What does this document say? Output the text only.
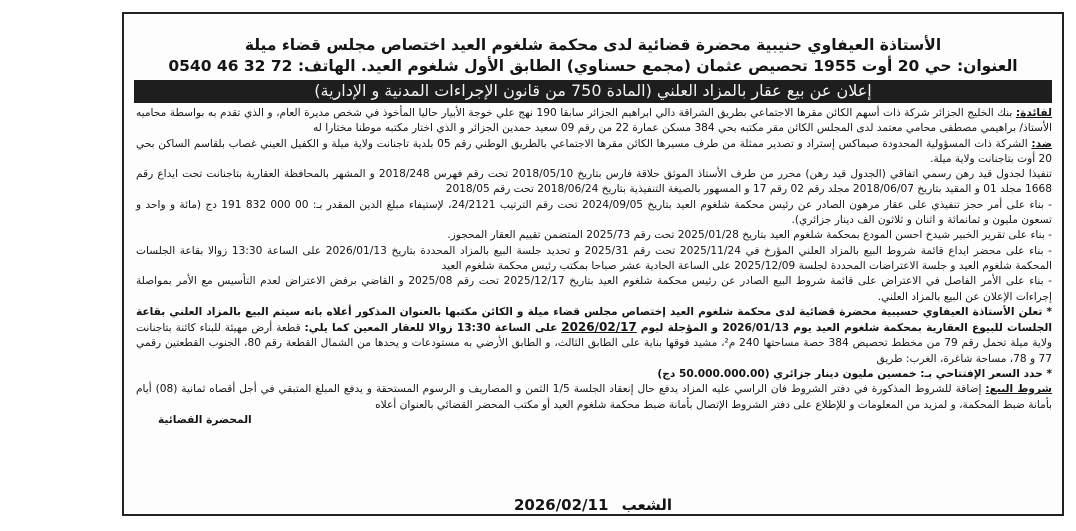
الأستاذة العيفاوي حنيبية محضرة قضائية لدى محكمة شلغوم العيد اختصاص مجلس قضاء ميلة
العنوان: حي 20 أوت 1955 تحصيص عثمان (مجمع حسناوي) الطابق الأول شلغوم العيد. الهاتف: 72 32 46 0540
إعلان عن بيع عقار بالمزاد العلني (المادة 750 من قانون الإجراءات المدنية و الإدارية)
لفائدة: بنك الخليج الجزائر شركة ذات أسهم الكائن مقرها الاجتماعي بطريق الشراقة دالي ابراهيم الجزائر سابقا 190 نهج علي خوجة الأبيار حاليا المأخوذ في شخص مديرة العام، و الذي تقدم به بواسطة محاميه الأستاذ/ براهيمي مصطفى محامي معتمد لدى المجلس الكائن مقر مكتبه بحي 384 مسكن عمارة 22 من رقم 09 سعيد حمدين الجزائر و الذي اختار مكتبه موطنا مختارا له
ضد: الشركة ذات المسؤولية المحدودة صيماكس إستراد و تصدير ممثلة من طرف مسيرها الكائن مقرها الاجتماعي بالطريق الوطني رقم 05 بلدية تاجنانت ولاية ميلة و الكفيل العيني غصاب بلقاسم الساكن بحي 20 أوت بتاجنانت ولاية ميلة.
تنفيذا لجدول قيد رهن رسمي اتفاقي (الجدول قيد رهن) محرر من طرف الأستاذ الموثق حلاقة فارس بتاريخ 2018/05/10 تحت رقم فهرس 2018/248 و المشهر بالمحافظة العقارية بتاجنانت تحت ايداع رقم 1668 مجلد 01 و المقيد بتاريخ 2018/06/07 مجلد رقم 02 رقم 17 و المسهور بالصيغة التنفيذية بتاريخ 2018/06/24 تحت رقم 2018/05
- بناء على أمر حجز تنفيذي على عقار مرهون الصادر عن رئيس محكمة شلغوم العيد بتاريخ 2024/09/05 تحت رقم الترتيب 24/2121، لإستيفاء مبلغ الدين المقدر بـ: 00 000 832 191 دج (مائة و واحد و تسعون مليون و ثمانمائة و اثنان و ثلاثون الف دينار جزائري).
- بناء على تقرير الخبير شيدخ احسن المودع بمحكمة شلغوم العيد بتاريخ 2025/01/28 تحت رقم 2025/73 المتضمن تقييم العقار المحجوز.
- بناء على محضر ايداع قائمة شروط البيع بالمزاد العلني المؤرخ في 2025/11/24 تحت رقم 2025/31 و تحديد جلسة البيع بالمزاد المحددة بتاريخ 2026/01/13 على الساعة 13:30 زوالا بقاعة الجلسات المحكمة شلغوم العيد و جلسة الاعتراضات المحددة لجلسة 2025/12/09 على الساعة الحادية عشر صباحا بمكتب رئيس محكمة شلغوم العيد
- بناء على الأمر الفاصل في الاعتراض على قائمة شروط البيع الصادر عن رئيس محكمة شلغوم العيد بتاريخ 2025/12/17 تحت رقم 2025/08 و القاضي برفض الاعتراض لعدم التأسيس مع الأمر بمواصلة إجراءات الإعلان عن البيع بالمزاد العلني.
* تعلن الأستاذة العيفاوي حسيبية محضرة قضائية لدى محكمة شلغوم العيد إختصاص مجلس قضاء ميلة و الكائن مكتبها بالعنوان المذكور أعلاه بانه سيتم البيع بالمزاد العلني بقاعة الجلسات للبيوع العقارية بمحكمة شلغوم العيد يوم 2026/01/13 و المؤجلة ليوم 2026/02/17 على الساعة 13:30 زوالا للعقار المعين كما يلي: قطعة أرض مهيئة للبناء كائنة بتاجنانت ولاية ميلة تحمل رقم 79 من مخطط تحصيص 384 حصة مساحتها 240 م²، مشيد فوقها بناية على الطابق الثالث، و الطابق الأرضي به مستودعات و يحدها من الشمال القطعة رقم 80، الجنوب القطعتين رقمي 77 و 78، مساحة شاغرة، الغرب: طريق
* حدد السعر الإفتتاحي بـ: خمسين مليون دينار جزائري (50.000.000.00 دج)
شروط البيع: إضافة للشروط المذكورة في دفتر الشروط فان الراسي عليه المزاد يدفع حال إنعقاد الجلسة 1/5 الثمن و المصاريف و الرسوم المستحقة و يدفع المبلغ المتبقي في أجل أقصاه ثمانية (08) أيام بأمانة ضبط المحكمة، و لمزيد من المعلومات و للإطلاع على دفتر الشروط الإتصال بأمانة ضبط محكمة شلغوم العيد أو مكتب المحضر القضائي بالعنوان أعلاه
المحضرة القضائية
الشعب 2026/02/11
